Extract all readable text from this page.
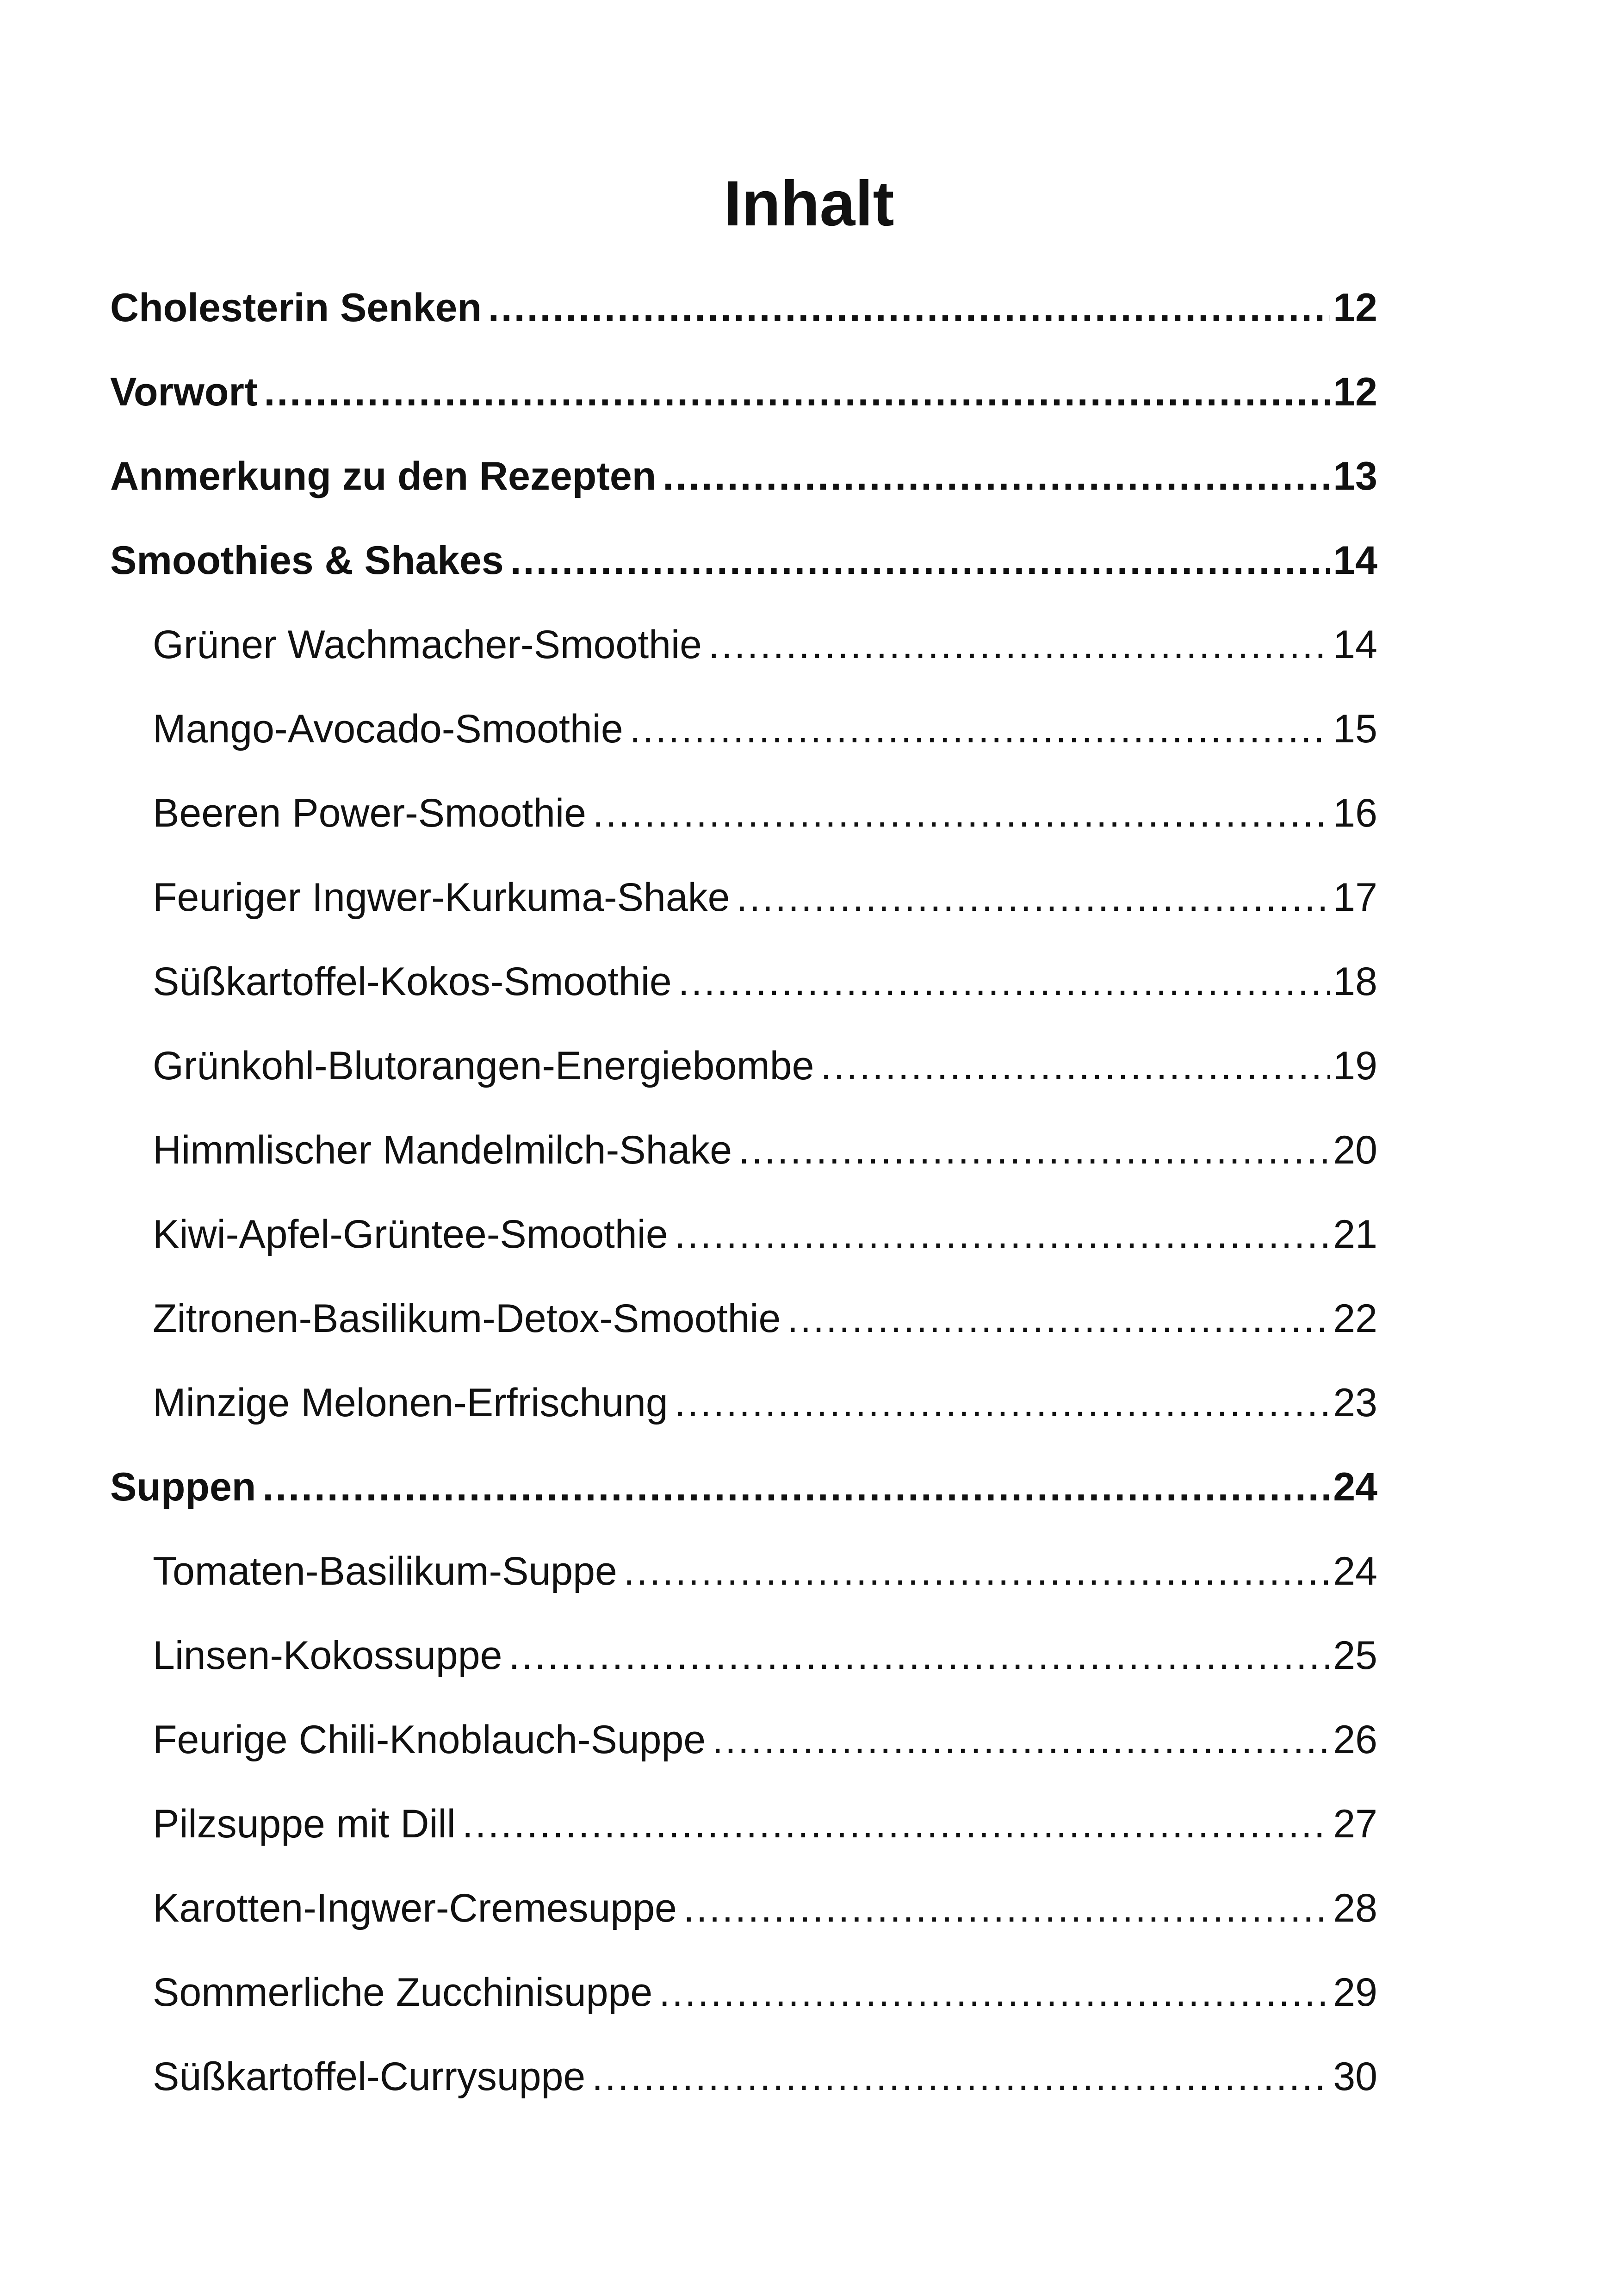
Inhalt
Cholesterin Senken .....	12
Vorwort .....	12
Anmerkung zu den Rezepten .....	13
Smoothies & Shakes .....	14
Grüner Wachmacher-Smoothie .....	14
Mango-Avocado-Smoothie .....	15
Beeren Power-Smoothie .....	16
Feuriger Ingwer-Kurkuma-Shake .....	17
Süßkartoffel-Kokos-Smoothie .....	18
Grünkohl-Blutorangen-Energiebombe .....	19
Himmlischer Mandelmilch-Shake .....	20
Kiwi-Apfel-Grüntee-Smoothie .....	21
Zitronen-Basilikum-Detox-Smoothie .....	22
Minzige Melonen-Erfrischung .....	23
Suppen .....	24
Tomaten-Basilikum-Suppe .....	24
Linsen-Kokossuppe .....	25
Feurige Chili-Knoblauch-Suppe .....	26
Pilzsuppe mit Dill .....	27
Karotten-Ingwer-Cremesuppe .....	28
Sommerliche Zucchinisuppe .....	29
Süßkartoffel-Currysuppe .....	30
